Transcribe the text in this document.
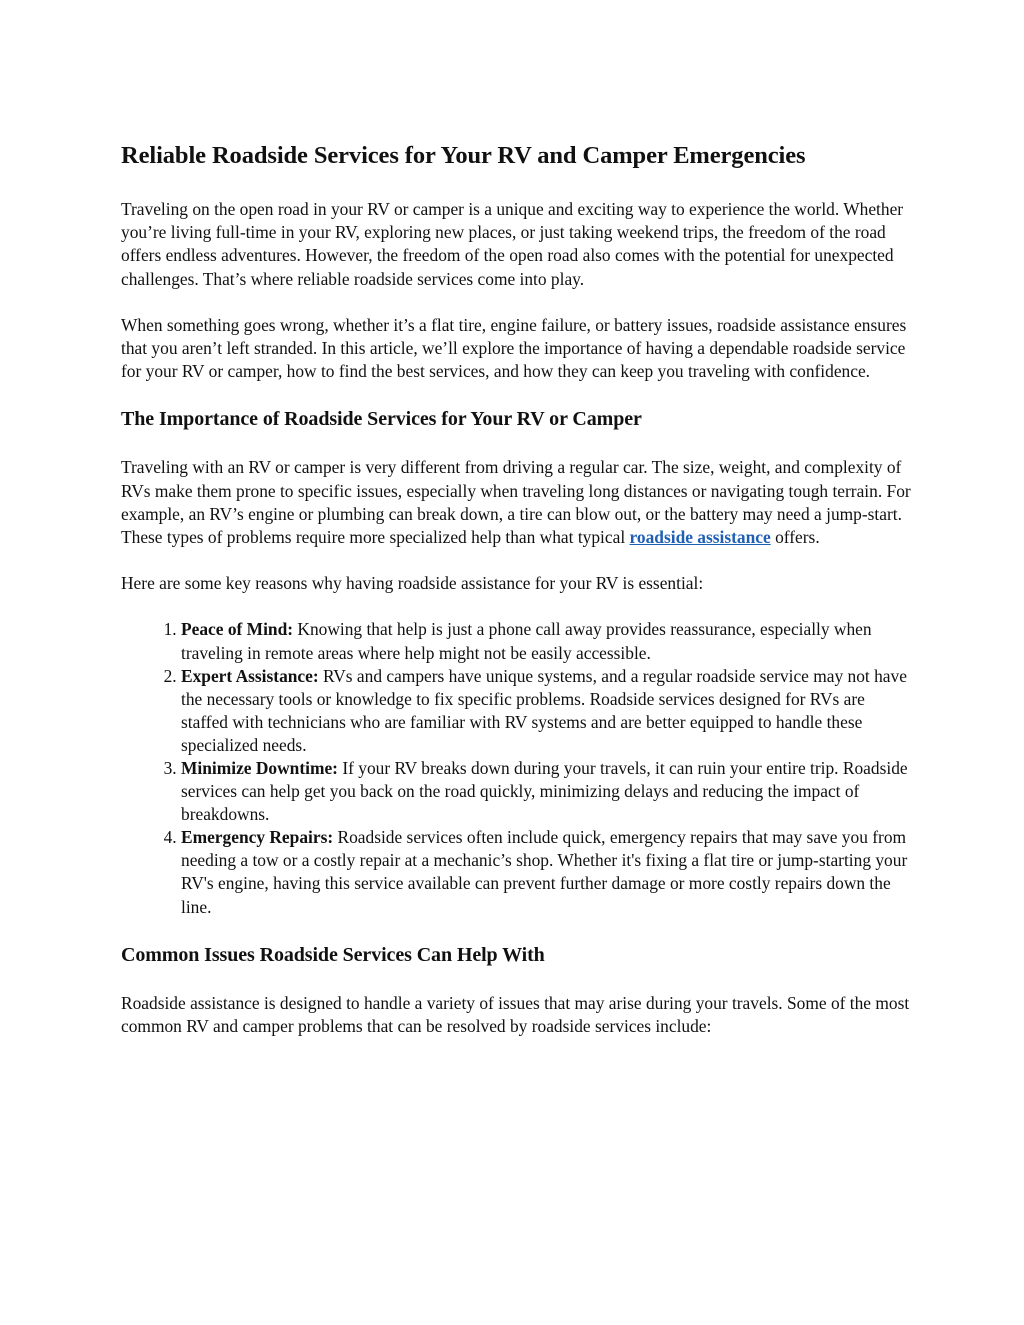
Reliable Roadside Services for Your RV and Camper Emergencies

Traveling on the open road in your RV or camper is a unique and exciting way to experience the world. Whether you’re living full-time in your RV, exploring new places, or just taking weekend trips, the freedom of the road offers endless adventures. However, the freedom of the open road also comes with the potential for unexpected challenges. That’s where reliable roadside services come into play.

When something goes wrong, whether it’s a flat tire, engine failure, or battery issues, roadside assistance ensures that you aren’t left stranded. In this article, we’ll explore the importance of having a dependable roadside service for your RV or camper, how to find the best services, and how they can keep you traveling with confidence.

The Importance of Roadside Services for Your RV or Camper

Traveling with an RV or camper is very different from driving a regular car. The size, weight, and complexity of RVs make them prone to specific issues, especially when traveling long distances or navigating tough terrain. For example, an RV’s engine or plumbing can break down, a tire can blow out, or the battery may need a jump-start. These types of problems require more specialized help than what typical roadside assistance offers.

Here are some key reasons why having roadside assistance for your RV is essential:

1. Peace of Mind: Knowing that help is just a phone call away provides reassurance, especially when traveling in remote areas where help might not be easily accessible.
2. Expert Assistance: RVs and campers have unique systems, and a regular roadside service may not have the necessary tools or knowledge to fix specific problems. Roadside services designed for RVs are staffed with technicians who are familiar with RV systems and are better equipped to handle these specialized needs.
3. Minimize Downtime: If your RV breaks down during your travels, it can ruin your entire trip. Roadside services can help get you back on the road quickly, minimizing delays and reducing the impact of breakdowns.
4. Emergency Repairs: Roadside services often include quick, emergency repairs that may save you from needing a tow or a costly repair at a mechanic’s shop. Whether it's fixing a flat tire or jump-starting your RV's engine, having this service available can prevent further damage or more costly repairs down the line.
Common Issues Roadside Services Can Help With

Roadside assistance is designed to handle a variety of issues that may arise during your travels. Some of the most common RV and camper problems that can be resolved by roadside services include:
